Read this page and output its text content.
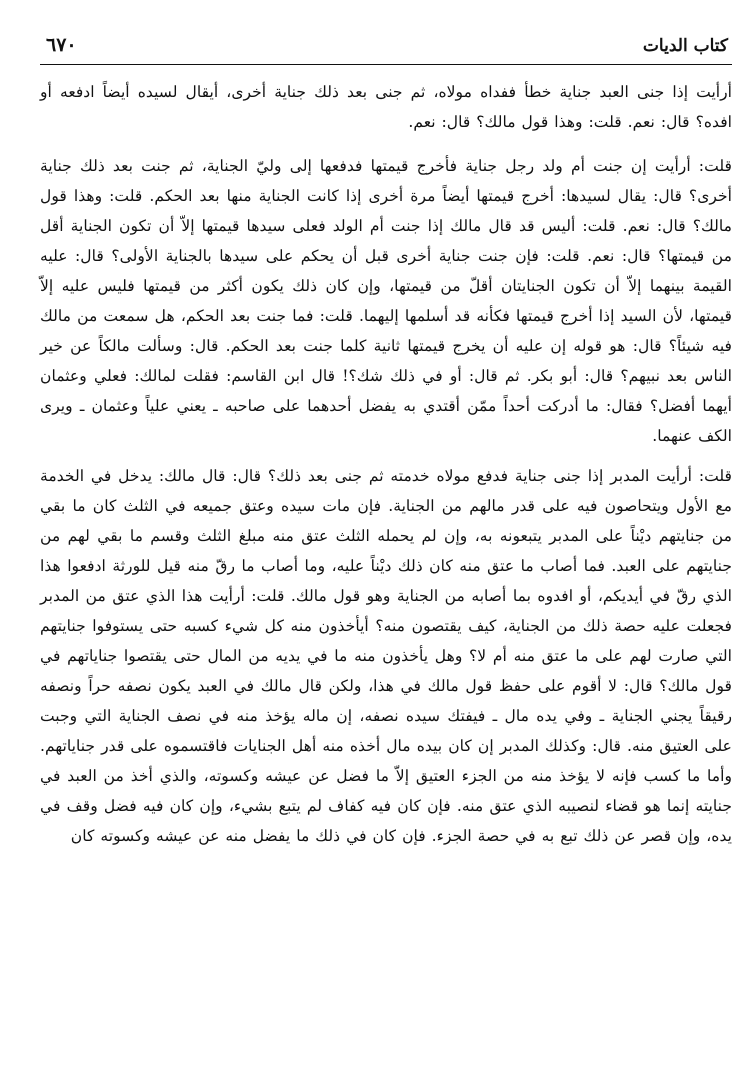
كتاب الديات
٦٧٠

أرأيت إذا جنى العبد جناية خطأ ففداه مولاه، ثم جنى بعد ذلك جناية أخرى، أيقال لسيده أيضاً ادفعه أو افده؟ قال: نعم. قلت: وهذا قول مالك؟ قال: نعم.

قلت: أرأيت إن جنت أم ولد رجل جناية فأخرج قيمتها فدفعها إلى وليّ الجناية، ثم جنت بعد ذلك جناية أخرى؟ قال: يقال لسيدها: أخرج قيمتها أيضاً مرة أخرى إذا كانت الجناية منها بعد الحكم. قلت: وهذا قول مالك؟ قال: نعم. قلت: أليس قد قال مالك إذا جنت أم الولد فعلى سيدها قيمتها إلاّ أن تكون الجناية أقل من قيمتها؟ قال: نعم. قلت: فإن جنت جناية أخرى قبل أن يحكم على سيدها بالجناية الأولى؟ قال: عليه القيمة بينهما إلاّ أن تكون الجنايتان أقلّ من قيمتها، وإن كان ذلك يكون أكثر من قيمتها فليس عليه إلاّ قيمتها، لأن السيد إذا أخرج قيمتها فكأنه قد أسلمها إليهما. قلت: فما جنت بعد الحكم، هل سمعت من مالك فيه شيئاً؟ قال: هو قوله إن عليه أن يخرج قيمتها ثانية كلما جنت بعد الحكم. قال: وسألت مالكاً عن خير الناس بعد نبيهم؟ قال: أبو بكر. ثم قال: أو في ذلك شك؟! قال ابن القاسم: فقلت لمالك: فعلي وعثمان أيهما أفضل؟ فقال: ما أدركت أحداً ممّن أقتدي به يفضل أحدهما على صاحبه ـ يعني علياً وعثمان ـ ويرى الكف عنهما.

قلت: أرأيت المدبر إذا جنى جناية فدفع مولاه خدمته ثم جنى بعد ذلك؟ قال: قال مالك: يدخل في الخدمة مع الأول ويتحاصون فيه على قدر مالهم من الجناية. فإن مات سيده وعتق جميعه في الثلث كان ما بقي من جنايتهم ديْناً على المدبر يتبعونه به، وإن لم يحمله الثلث عتق منه مبلغ الثلث وقسم ما بقي لهم من جنايتهم على العبد. فما أصاب ما عتق منه كان ذلك ديْناً عليه، وما أصاب ما رقّ منه قيل للورثة ادفعوا هذا الذي رقّ في أيديكم، أو افدوه بما أصابه من الجناية وهو قول مالك. قلت: أرأيت هذا الذي عتق من المدبر فجعلت عليه حصة ذلك من الجناية، كيف يقتصون منه؟ أيأخذون منه كل شيء كسبه حتى يستوفوا جنايتهم التي صارت لهم على ما عتق منه أم لا؟ وهل يأخذون منه ما في يديه من المال حتى يقتصوا جناياتهم في قول مالك؟ قال: لا أقوم على حفظ قول مالك في هذا، ولكن قال مالك في العبد يكون نصفه حراً ونصفه رقيقاً يجني الجناية ـ وفي يده مال ـ فيفتك سيده نصفه، إن ماله يؤخذ منه في نصف الجناية التي وجبت على العتيق منه. قال: وكذلك المدبر إن كان بيده مال أخذه منه أهل الجنايات فاقتسموه على قدر جناياتهم. وأما ما كسب فإنه لا يؤخذ منه من الجزء العتيق إلاّ ما فضل عن عيشه وكسوته، والذي أخذ من العبد في جنايته إنما هو قضاء لنصيبه الذي عتق منه. فإن كان فيه كفاف لم يتبع بشيء، وإن كان فيه فضل وقف في يده، وإن قصر عن ذلك تبع به في حصة الجزء. فإن كان في ذلك ما يفضل منه عن عيشه وكسوته كان
